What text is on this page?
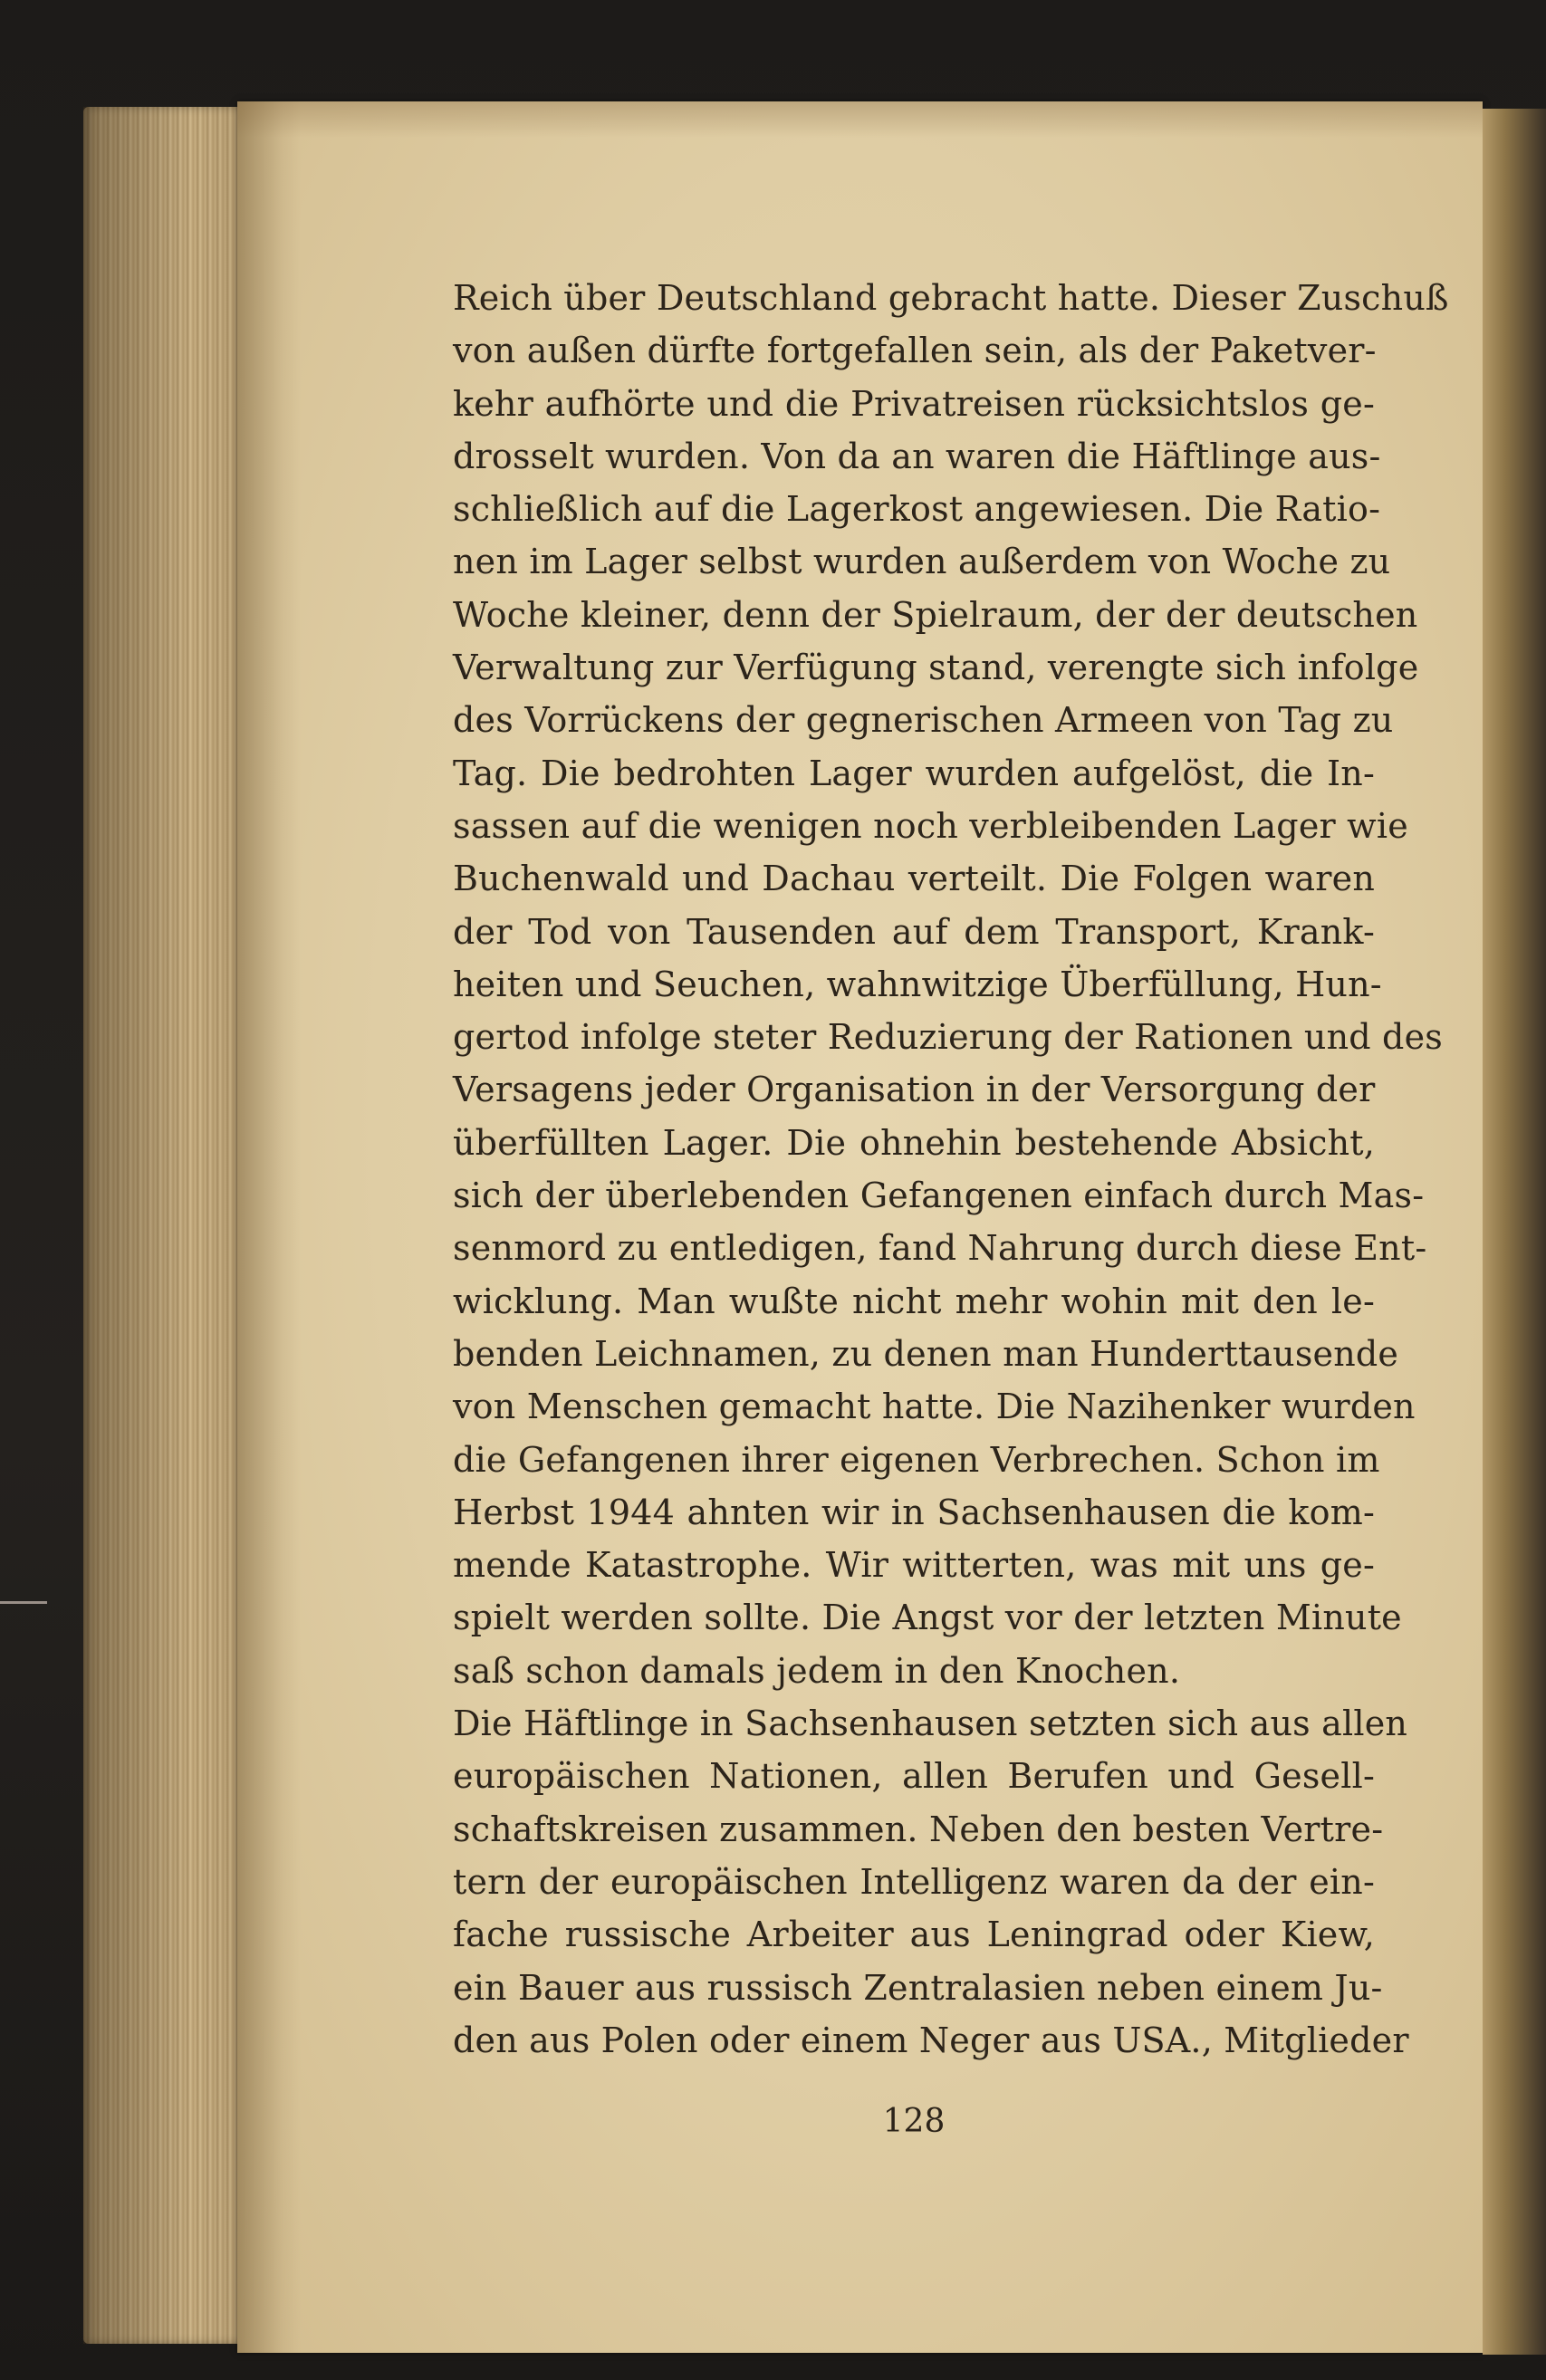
Reich über Deutschland gebracht hatte. Dieser Zuschuß
von außen dürfte fortgefallen sein, als der Paketver-
kehr aufhörte und die Privatreisen rücksichtslos ge-
drosselt wurden. Von da an waren die Häftlinge aus-
schließlich auf die Lagerkost angewiesen. Die Ratio-
nen im Lager selbst wurden außerdem von Woche zu
Woche kleiner, denn der Spielraum, der der deutschen
Verwaltung zur Verfügung stand, verengte sich infolge
des Vorrückens der gegnerischen Armeen von Tag zu
Tag. Die bedrohten Lager wurden aufgelöst, die In-
sassen auf die wenigen noch verbleibenden Lager wie
Buchenwald und Dachau verteilt. Die Folgen waren
der Tod von Tausenden auf dem Transport, Krank-
heiten und Seuchen, wahnwitzige Überfüllung, Hun-
gertod infolge steter Reduzierung der Rationen und des
Versagens jeder Organisation in der Versorgung der
überfüllten Lager. Die ohnehin bestehende Absicht,
sich der überlebenden Gefangenen einfach durch Mas-
senmord zu entledigen, fand Nahrung durch diese Ent-
wicklung. Man wußte nicht mehr wohin mit den le-
benden Leichnamen, zu denen man Hunderttausende
von Menschen gemacht hatte. Die Nazihenker wurden
die Gefangenen ihrer eigenen Verbrechen. Schon im
Herbst 1944 ahnten wir in Sachsenhausen die kom-
mende Katastrophe. Wir witterten, was mit uns ge-
spielt werden sollte. Die Angst vor der letzten Minute
saß schon damals jedem in den Knochen.
Die Häftlinge in Sachsenhausen setzten sich aus allen
europäischen Nationen, allen Berufen und Gesell-
schaftskreisen zusammen. Neben den besten Vertre-
tern der europäischen Intelligenz waren da der ein-
fache russische Arbeiter aus Leningrad oder Kiew,
ein Bauer aus russisch Zentralasien neben einem Ju-
den aus Polen oder einem Neger aus USA., Mitglieder
128
